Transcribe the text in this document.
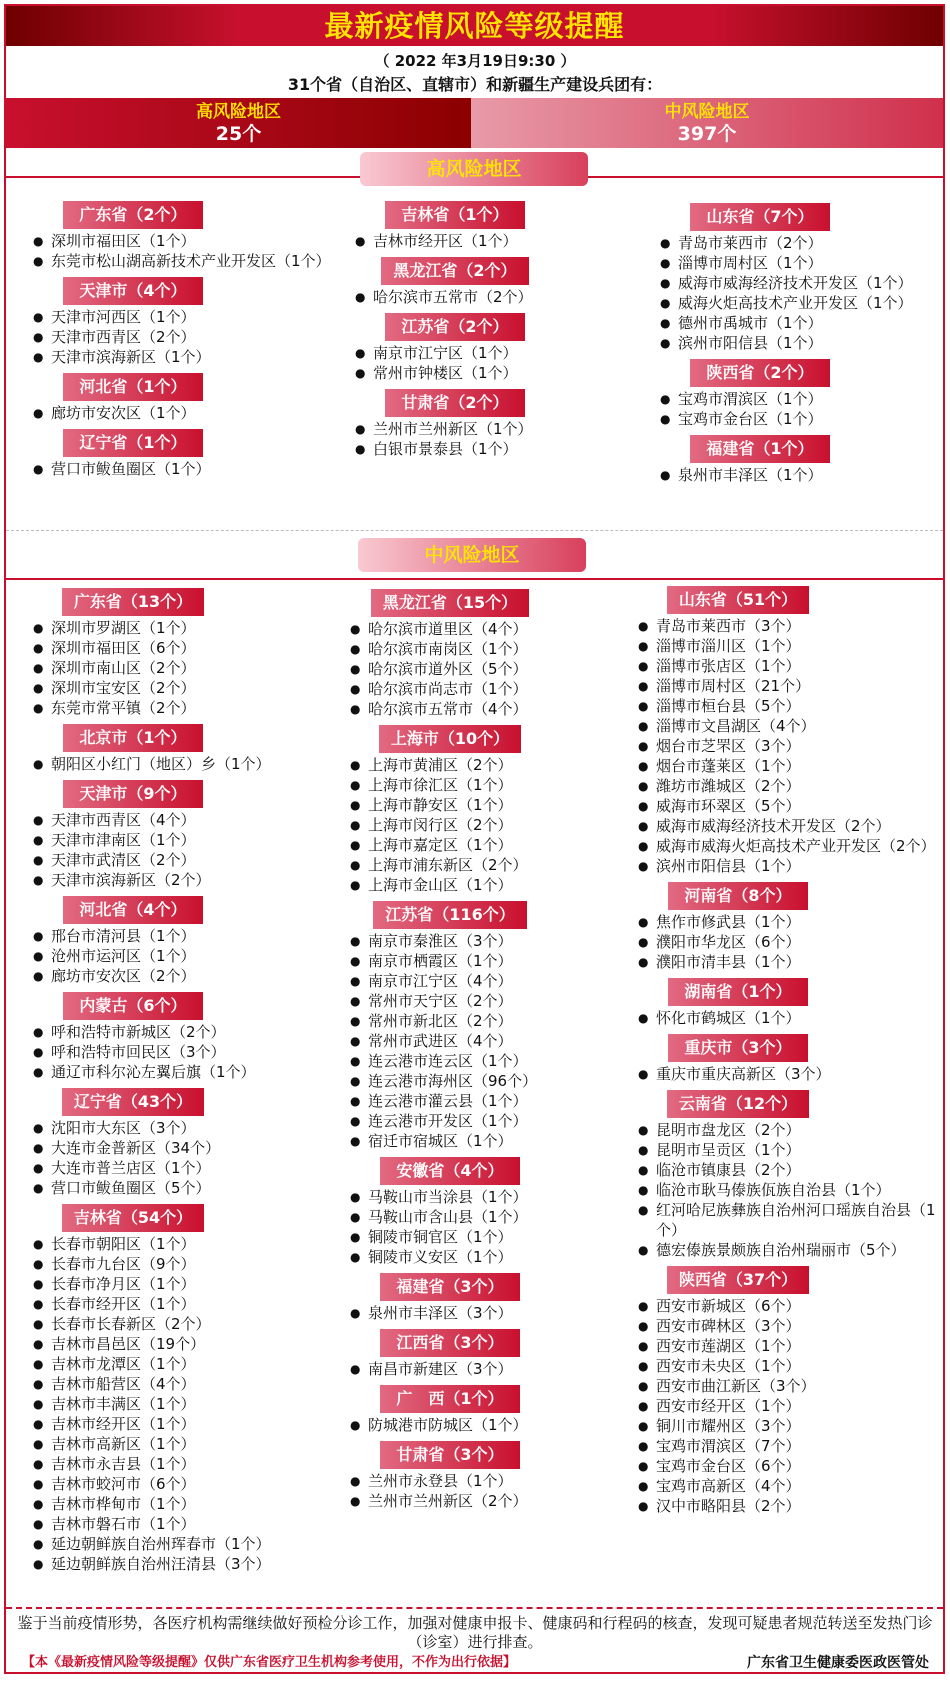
最新疫情风险等级提醒
（ 2022 年3月19日9:30 ）
31个省（自治区、直辖市）和新疆生产建设兵团有：
高风险地区
25个
中风险地区
397个
高风险地区
广东省（2个）
● 深圳市福田区（1个）
● 东莞市松山湖高新技术产业开发区（1个）
天津市（4个）
● 天津市河西区（1个）
● 天津市西青区（2个）
● 天津市滨海新区（1个）
河北省（1个）
● 廊坊市安次区（1个）
辽宁省（1个）
● 营口市鲅鱼圈区（1个）
吉林省（1个）
● 吉林市经开区（1个）
黑龙江省（2个）
● 哈尔滨市五常市（2个）
江苏省（2个）
● 南京市江宁区（1个）
● 常州市钟楼区（1个）
甘肃省（2个）
● 兰州市兰州新区（1个）
● 白银市景泰县（1个）
山东省（7个）
● 青岛市莱西市（2个）
● 淄博市周村区（1个）
● 威海市威海经济技术开发区（1个）
● 威海火炬高技术产业开发区（1个）
● 德州市禹城市（1个）
● 滨州市阳信县（1个）
陕西省（2个）
● 宝鸡市渭滨区（1个）
● 宝鸡市金台区（1个）
福建省（1个）
● 泉州市丰泽区（1个）
中风险地区
广东省（13个）
● 深圳市罗湖区（1个）
● 深圳市福田区（6个）
● 深圳市南山区（2个）
● 深圳市宝安区（2个）
● 东莞市常平镇（2个）
北京市（1个）
● 朝阳区小红门（地区）乡（1个）
天津市（9个）
● 天津市西青区（4个）
● 天津市津南区（1个）
● 天津市武清区（2个）
● 天津市滨海新区（2个）
河北省（4个）
● 邢台市清河县（1个）
● 沧州市运河区（1个）
● 廊坊市安次区（2个）
内蒙古（6个）
● 呼和浩特市新城区（2个）
● 呼和浩特市回民区（3个）
● 通辽市科尔沁左翼后旗（1个）
辽宁省（43个）
● 沈阳市大东区（3个）
● 大连市金普新区（34个）
● 大连市普兰店区（1个）
● 营口市鲅鱼圈区（5个）
吉林省（54个）
● 长春市朝阳区（1个）
● 长春市九台区（9个）
● 长春市净月区（1个）
● 长春市经开区（1个）
● 长春市长春新区（2个）
● 吉林市昌邑区（19个）
● 吉林市龙潭区（1个）
● 吉林市船营区（4个）
● 吉林市丰满区（1个）
● 吉林市经开区（1个）
● 吉林市高新区（1个）
● 吉林市永吉县（1个）
● 吉林市蛟河市（6个）
● 吉林市桦甸市（1个）
● 吉林市磐石市（1个）
● 延边朝鲜族自治州珲春市（1个）
● 延边朝鲜族自治州汪清县（3个）
黑龙江省（15个）
● 哈尔滨市道里区（4个）
● 哈尔滨市南岗区（1个）
● 哈尔滨市道外区（5个）
● 哈尔滨市尚志市（1个）
● 哈尔滨市五常市（4个）
上海市（10个）
● 上海市黄浦区（2个）
● 上海市徐汇区（1个）
● 上海市静安区（1个）
● 上海市闵行区（2个）
● 上海市嘉定区（1个）
● 上海市浦东新区（2个）
● 上海市金山区（1个）
江苏省（116个）
● 南京市秦淮区（3个）
● 南京市栖霞区（1个）
● 南京市江宁区（4个）
● 常州市天宁区（2个）
● 常州市新北区（2个）
● 常州市武进区（4个）
● 连云港市连云区（1个）
● 连云港市海州区（96个）
● 连云港市灌云县（1个）
● 连云港市开发区（1个）
● 宿迁市宿城区（1个）
安徽省（4个）
● 马鞍山市当涂县（1个）
● 马鞍山市含山县（1个）
● 铜陵市铜官区（1个）
● 铜陵市义安区（1个）
福建省（3个）
● 泉州市丰泽区（3个）
江西省（3个）
● 南昌市新建区（3个）
广　西（1个）
● 防城港市防城区（1个）
甘肃省（3个）
● 兰州市永登县（1个）
● 兰州市兰州新区（2个）
山东省（51个）
● 青岛市莱西市（3个）
● 淄博市淄川区（1个）
● 淄博市张店区（1个）
● 淄博市周村区（21个）
● 淄博市桓台县（5个）
● 淄博市文昌湖区（4个）
● 烟台市芝罘区（3个）
● 烟台市蓬莱区（1个）
● 潍坊市潍城区（2个）
● 威海市环翠区（5个）
● 威海市威海经济技术开发区（2个）
● 威海市威海火炬高技术产业开发区（2个）
● 滨州市阳信县（1个）
河南省（8个）
● 焦作市修武县（1个）
● 濮阳市华龙区（6个）
● 濮阳市清丰县（1个）
湖南省（1个）
● 怀化市鹤城区（1个）
重庆市（3个）
● 重庆市重庆高新区（3个）
云南省（12个）
● 昆明市盘龙区（2个）
● 昆明市呈贡区（1个）
● 临沧市镇康县（2个）
● 临沧市耿马傣族佤族自治县（1个）
● 红河哈尼族彝族自治州河口瑶族自治县（1个）
● 德宏傣族景颇族自治州瑞丽市（5个）
陕西省（37个）
● 西安市新城区（6个）
● 西安市碑林区（3个）
● 西安市莲湖区（1个）
● 西安市未央区（1个）
● 西安市曲江新区（3个）
● 西安市经开区（1个）
● 铜川市耀州区（3个）
● 宝鸡市渭滨区（7个）
● 宝鸡市金台区（6个）
● 宝鸡市高新区（4个）
● 汉中市略阳县（2个）
鉴于当前疫情形势，各医疗机构需继续做好预检分诊工作，加强对健康申报卡、健康码和行程码的核查，发现可疑患者规范转送至发热门诊（诊室）进行排查。
【本《最新疫情风险等级提醒》仅供广东省医疗卫生机构参考使用，不作为出行依据】	广东省卫生健康委医政医管处
